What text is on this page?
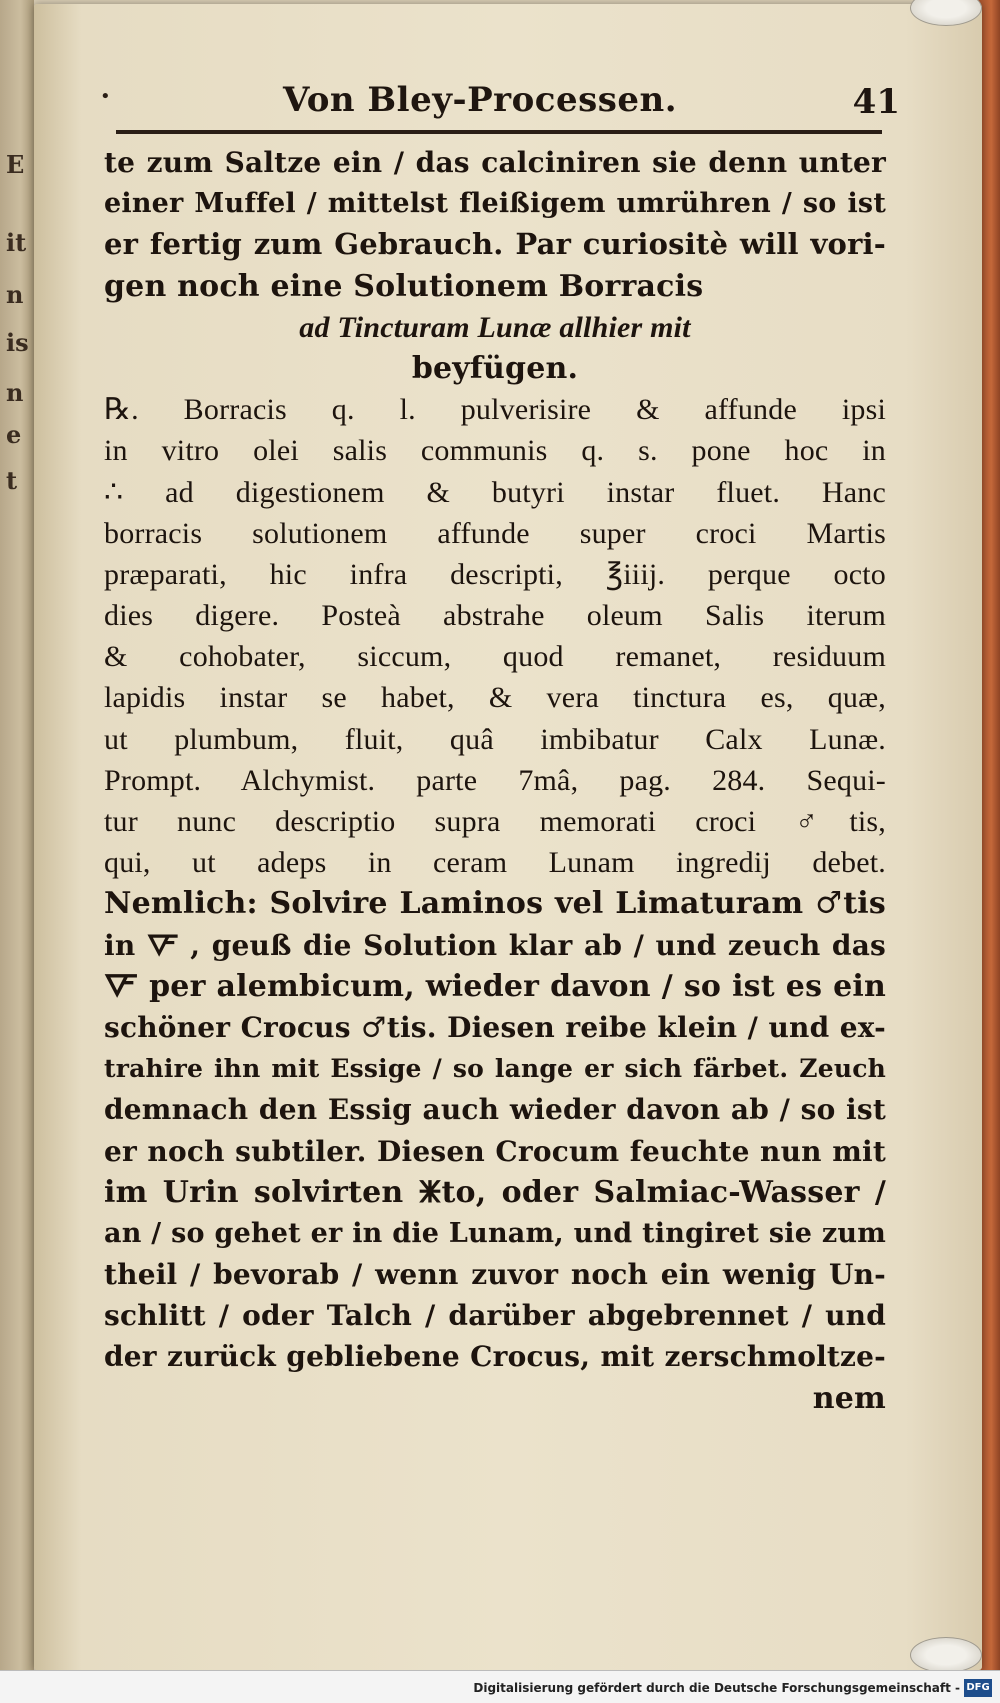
E
it
n
is
n
e
t
•	Von Bley-Processen.	41
te zum Saltze ein / das calciniren sie denn unter
einer Muffel / mittelst fleißigem umrühren / so ist
er fertig zum Gebrauch. Par curiositè will vori-
gen noch eine Solutionem Borracis
ad Tincturam Lunæ allhier mit
beyfügen.
℞. Borracis q. l. pulverisire & affunde ipsi
in vitro olei salis communis q. s. pone hoc in
∴ ad digestionem & butyri instar fluet. Hanc
borracis solutionem affunde super croci Martis
præparati, hic infra descripti, ℥iiij. perque octo
dies digere. Posteà abstrahe oleum Salis iterum
& cohobater, siccum, quod remanet, residuum
lapidis instar se habet, & vera tinctura es, quæ,
ut plumbum, fluit, quâ imbibatur Calx Lunæ.
Prompt. Alchymist. parte 7mâ, pag. 284. Sequi-
tur nunc descriptio supra memorati croci ♂tis,
qui, ut adeps in ceram Lunam ingredij debet.
Nemlich: Solvire Laminos vel Limaturam ♂tis
in 🜅 , geuß die Solution klar ab / und zeuch das
🜅 per alembicum, wieder davon / so ist es ein
schöner Crocus ♂tis. Diesen reibe klein / und ex-
trahire ihn mit Essige / so lange er sich färbet. Zeuch
demnach den Essig auch wieder davon ab / so ist
er noch subtiler. Diesen Crocum feuchte nun mit
im Urin solvirten 🜹to, oder Salmiac-Wasser /
an / so gehet er in die Lunam, und tingiret sie zum
theil / bevorab / wenn zuvor noch ein wenig Un-
schlitt / oder Talch / darüber abgebrennet / und
der zurück gebliebene Crocus, mit zerschmoltze-
nem
Digitalisierung gefördert durch die Deutsche Forschungsgemeinschaft - DFG
